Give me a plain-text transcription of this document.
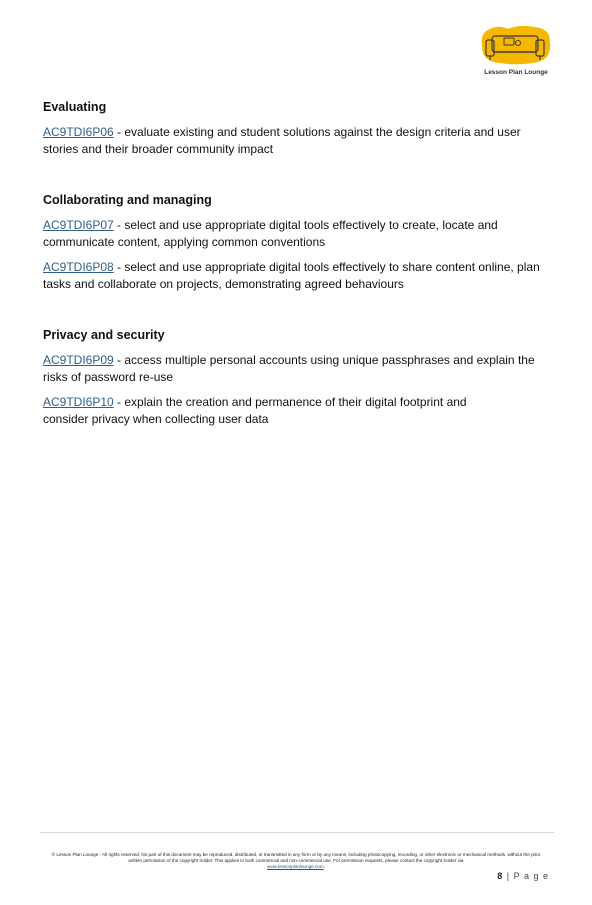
Lesson Plan Lounge
Evaluating
AC9TDI6P06 - evaluate existing and student solutions against the design criteria and user stories and their broader community impact
Collaborating and managing
AC9TDI6P07 - select and use appropriate digital tools effectively to create, locate and communicate content, applying common conventions
AC9TDI6P08 - select and use appropriate digital tools effectively to share content online, plan tasks and collaborate on projects, demonstrating agreed behaviours
Privacy and security
AC9TDI6P09 - access multiple personal accounts using unique passphrases and explain the risks of password re-use
AC9TDI6P10 - explain the creation and permanence of their digital footprint and consider privacy when collecting user data
© Lesson Plan Lounge - All rights reserved. No part of this document may be reproduced, distributed, or transmitted in any form or by any means, including photocopying, recording, or other electronic or mechanical methods, without the prior written permission of the copyright holder. This applies to both commercial and non-commercial use. For permission requests, please contact the copyright holder via
www.lessonplanlounge.com.
8 | P a g e
